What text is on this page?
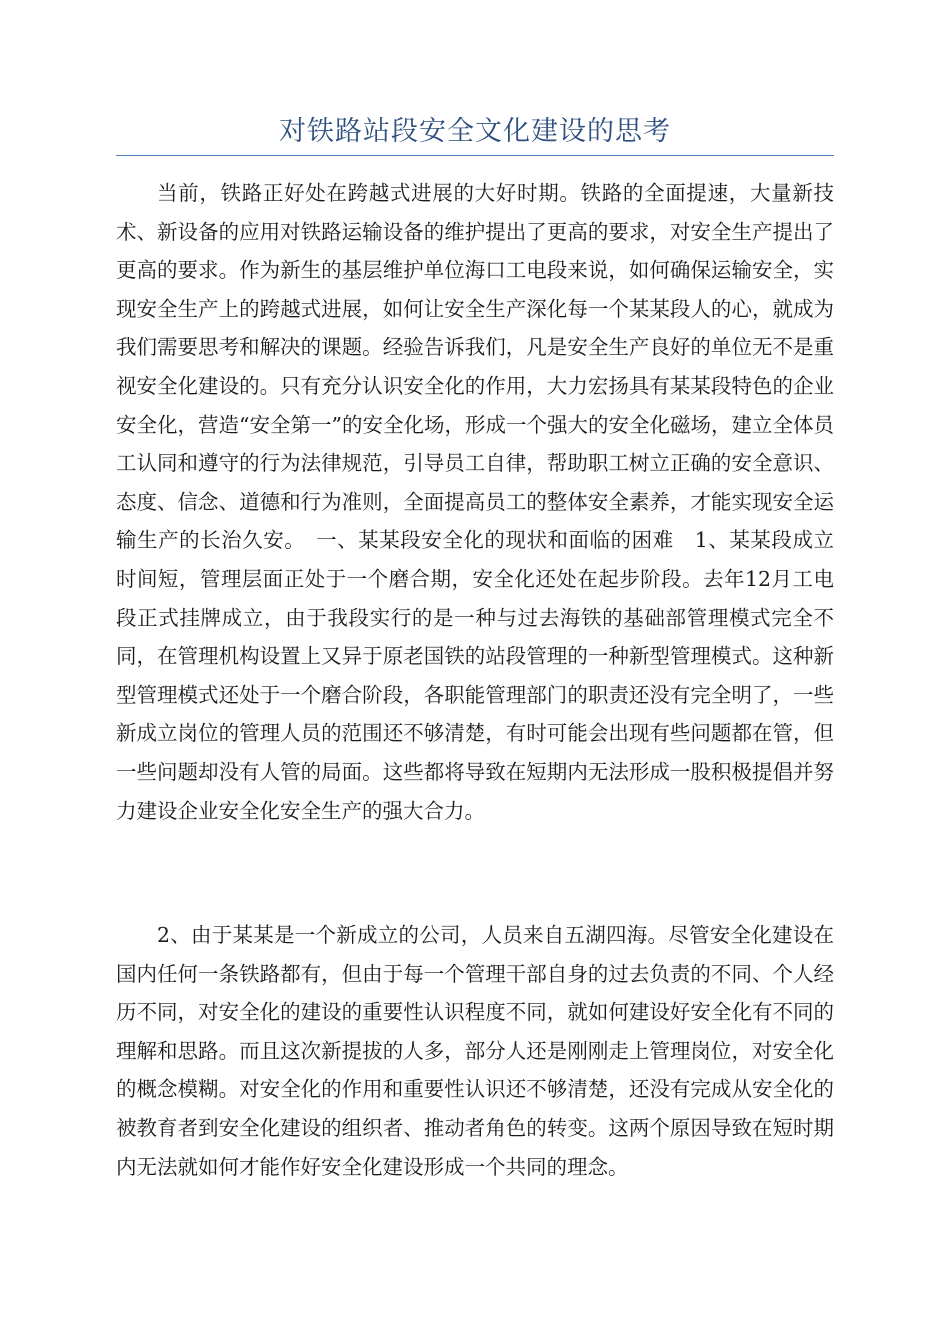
对铁路站段安全文化建设的思考

当前，铁路正好处在跨越式进展的大好时期。铁路的全面提速，大量新技术、新设备的应用对铁路运输设备的维护提出了更高的要求，对安全生产提出了更高的要求。作为新生的基层维护单位海口工电段来说，如何确保运输安全，实现安全生产上的跨越式进展，如何让安全生产深化每一个某某段人的心，就成为我们需要思考和解决的课题。经验告诉我们，凡是安全生产良好的单位无不是重视安全化建设的。只有充分认识安全化的作用，大力宏扬具有某某段特色的企业安全化，营造“安全第一”的安全化场，形成一个强大的安全化磁场，建立全体员工认同和遵守的行为法律规范，引导员工自律，帮助职工树立正确的安全意识、态度、信念、道德和行为准则，全面提高员工的整体安全素养，才能实现安全运输生产的长治久安。　一、某某段安全化的现状和面临的困难　1、某某段成立时间短，管理层面正处于一个磨合期，安全化还处在起步阶段。去年12月工电段正式挂牌成立，由于我段实行的是一种与过去海铁的基础部管理模式完全不同，在管理机构设置上又异于原老国铁的站段管理的一种新型管理模式。这种新型管理模式还处于一个磨合阶段，各职能管理部门的职责还没有完全明了，一些新成立岗位的管理人员的范围还不够清楚，有时可能会出现有些问题都在管，但一些问题却没有人管的局面。这些都将导致在短期内无法形成一股积极提倡并努力建设企业安全化安全生产的强大合力。

2、由于某某是一个新成立的公司，人员来自五湖四海。尽管安全化建设在国内任何一条铁路都有，但由于每一个管理干部自身的过去负责的不同、个人经历不同，对安全化的建设的重要性认识程度不同，就如何建设好安全化有不同的理解和思路。而且这次新提拔的人多，部分人还是刚刚走上管理岗位，对安全化的概念模糊。对安全化的作用和重要性认识还不够清楚，还没有完成从安全化的被教育者到安全化建设的组织者、推动者角色的转变。这两个原因导致在短时期内无法就如何才能作好安全化建设形成一个共同的理念。
